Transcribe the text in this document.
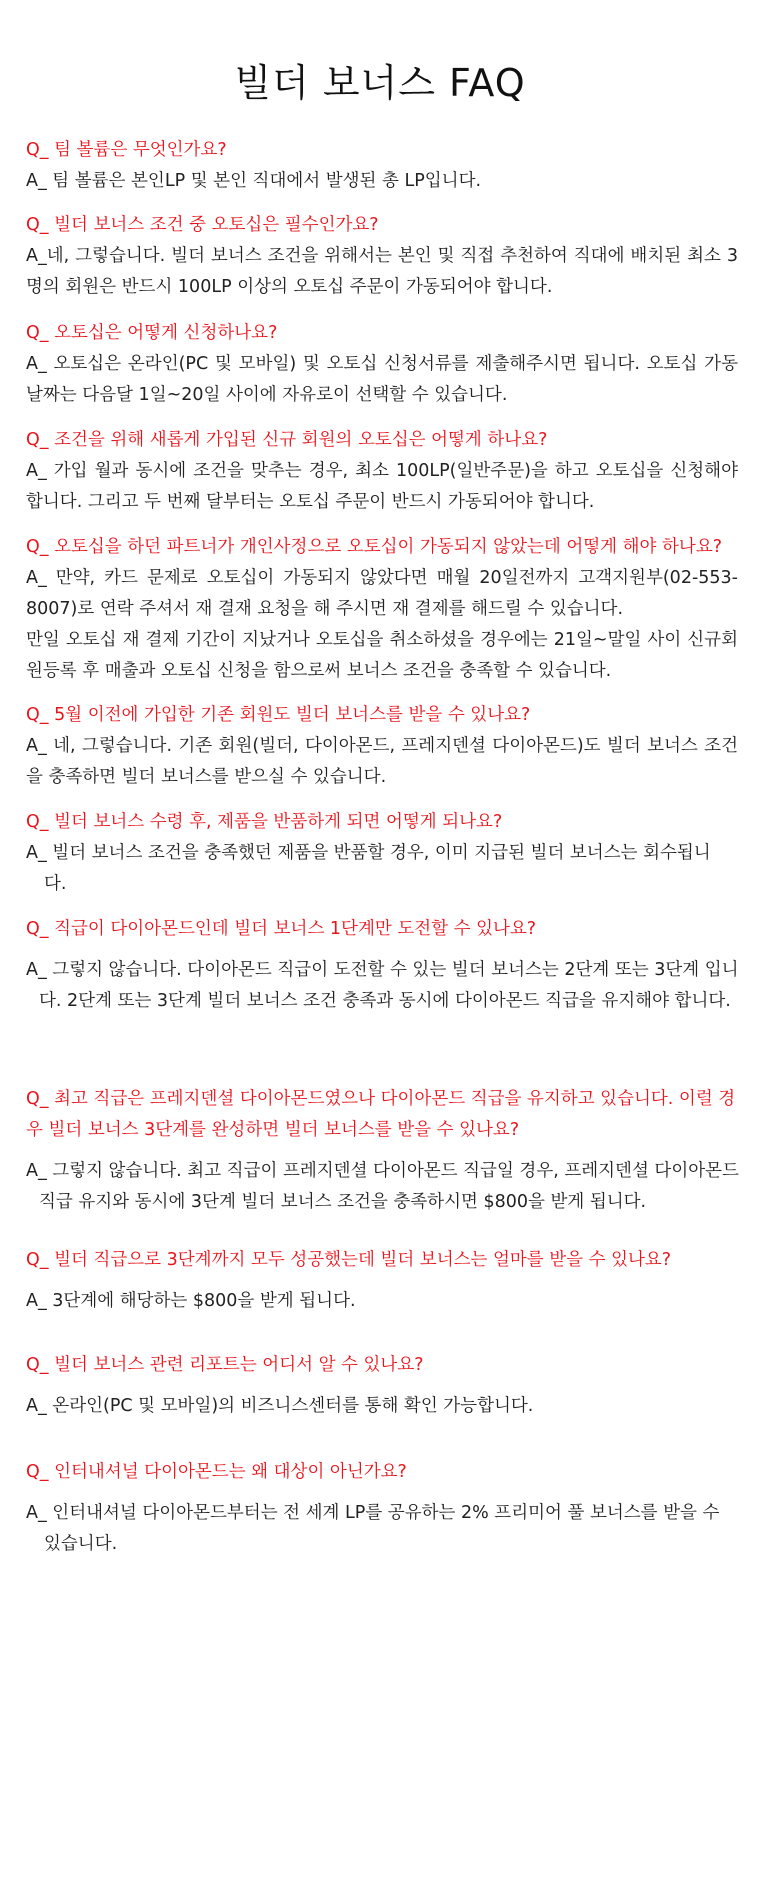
빌더 보너스 FAQ

Q_ 팀 볼륨은 무엇인가요?

A_ 팀 볼륨은 본인LP 및 본인 직대에서 발생된 총 LP입니다.

Q_ 빌더 보너스 조건 중 오토십은 필수인가요?

A_네, 그렇습니다. 빌더 보너스 조건을 위해서는 본인 및 직접 추천하여 직대에 배치된 최소 3명의 회원은 반드시 100LP 이상의 오토십 주문이 가동되어야 합니다.

Q_ 오토십은 어떻게 신청하나요?

A_ 오토십은 온라인(PC 및 모바일) 및 오토십 신청서류를 제출해주시면 됩니다. 오토십 가동 날짜는 다음달 1일~20일 사이에 자유로이 선택할 수 있습니다.

Q_ 조건을 위해 새롭게 가입된 신규 회원의 오토십은 어떻게 하나요?

A_ 가입 월과 동시에 조건을 맞추는 경우, 최소 100LP(일반주문)을 하고 오토십을 신청해야 합니다. 그리고 두 번째 달부터는 오토십 주문이 반드시 가동되어야 합니다.

Q_ 오토십을 하던 파트너가 개인사정으로 오토십이 가동되지 않았는데 어떻게 해야 하나요?

A_ 만약, 카드 문제로 오토십이 가동되지 않았다면 매월 20일전까지 고객지원부(02-553-8007)로 연락 주셔서 재 결재 요청을 해 주시면 재 결제를 해드릴 수 있습니다.

만일 오토십 재 결제 기간이 지났거나 오토십을 취소하셨을 경우에는 21일~말일 사이 신규회원등록 후 매출과 오토십 신청을 함으로써 보너스 조건을 충족할 수 있습니다.

Q_ 5월 이전에 가입한 기존 회원도 빌더 보너스를 받을 수 있나요?

A_ 네, 그렇습니다. 기존 회원(빌더, 다이아몬드, 프레지덴셜 다이아몬드)도 빌더 보너스 조건을 충족하면 빌더 보너스를 받으실 수 있습니다.

Q_ 빌더 보너스 수령 후, 제품을 반품하게 되면 어떻게 되나요?

A_ 빌더 보너스 조건을 충족했던 제품을 반품할 경우, 이미 지급된 빌더 보너스는 회수됩니다.

Q_ 직급이 다이아몬드인데 빌더 보너스 1단계만 도전할 수 있나요?

A_ 그렇지 않습니다. 다이아몬드 직급이 도전할 수 있는 빌더 보너스는 2단계 또는 3단계 입니다. 2단계 또는 3단계 빌더 보너스 조건 충족과 동시에 다이아몬드 직급을 유지해야 합니다.

Q_ 최고 직급은 프레지덴셜 다이아몬드였으나 다이아몬드 직급을 유지하고 있습니다. 이럴 경우 빌더 보너스 3단계를 완성하면 빌더 보너스를 받을 수 있나요?

A_ 그렇지 않습니다. 최고 직급이 프레지덴셜 다이아몬드 직급일 경우, 프레지덴셜 다이아몬드 직급 유지와 동시에 3단계 빌더 보너스 조건을 충족하시면 $800을 받게 됩니다.

Q_ 빌더 직급으로 3단계까지 모두 성공했는데 빌더 보너스는 얼마를 받을 수 있나요?

A_ 3단계에 해당하는 $800을 받게 됩니다.

Q_ 빌더 보너스 관련 리포트는 어디서 알 수 있나요?

A_ 온라인(PC 및 모바일)의 비즈니스센터를 통해 확인 가능합니다.

Q_ 인터내셔널 다이아몬드는 왜 대상이 아닌가요?

A_ 인터내셔널 다이아몬드부터는 전 세계 LP를 공유하는 2% 프리미어 풀 보너스를 받을 수 있습니다.
